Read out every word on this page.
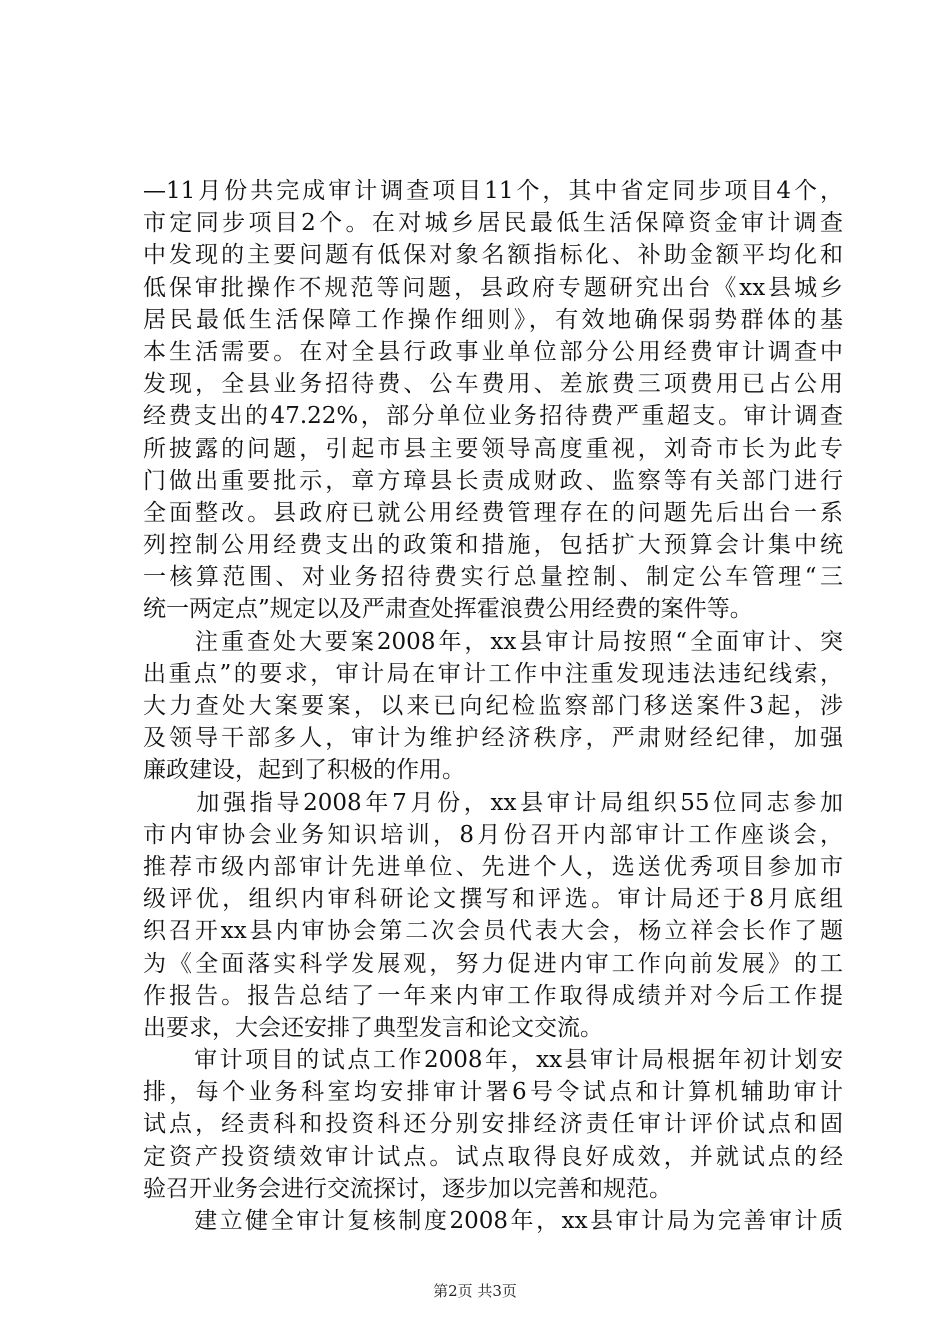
—11月份共完成审计调查项目11个，其中省定同步项目4个，
市定同步项目2个。在对城乡居民最低生活保障资金审计调查
中发现的主要问题有低保对象名额指标化、补助金额平均化和
低保审批操作不规范等问题，县政府专题研究出台《xx县城乡
居民最低生活保障工作操作细则》，有效地确保弱势群体的基
本生活需要。在对全县行政事业单位部分公用经费审计调查中
发现，全县业务招待费、公车费用、差旅费三项费用已占公用
经费支出的47.22%，部分单位业务招待费严重超支。审计调查
所披露的问题，引起市县主要领导高度重视，刘奇市长为此专
门做出重要批示，章方璋县长责成财政、监察等有关部门进行
全面整改。县政府已就公用经费管理存在的问题先后出台一系
列控制公用经费支出的政策和措施，包括扩大预算会计集中统
一核算范围、对业务招待费实行总量控制、制定公车管理“三
统一两定点”规定以及严肃查处挥霍浪费公用经费的案件等。
　　注重查处大要案2008年，xx县审计局按照“全面审计、突
出重点”的要求，审计局在审计工作中注重发现违法违纪线索，
大力查处大案要案，以来已向纪检监察部门移送案件3起，涉
及领导干部多人，审计为维护经济秩序，严肃财经纪律，加强
廉政建设，起到了积极的作用。
　　加强指导2008年7月份，xx县审计局组织55位同志参加
市内审协会业务知识培训，8月份召开内部审计工作座谈会，
推荐市级内部审计先进单位、先进个人，选送优秀项目参加市
级评优，组织内审科研论文撰写和评选。审计局还于8月底组
织召开xx县内审协会第二次会员代表大会，杨立祥会长作了题
为《全面落实科学发展观，努力促进内审工作向前发展》的工
作报告。报告总结了一年来内审工作取得成绩并对今后工作提
出要求，大会还安排了典型发言和论文交流。
　　审计项目的试点工作2008年，xx县审计局根据年初计划安
排，每个业务科室均安排审计署6号令试点和计算机辅助审计
试点，经责科和投资科还分别安排经济责任审计评价试点和固
定资产投资绩效审计试点。试点取得良好成效，并就试点的经
验召开业务会进行交流探讨，逐步加以完善和规范。
　　建立健全审计复核制度2008年，xx县审计局为完善审计质
第2页 共3页
